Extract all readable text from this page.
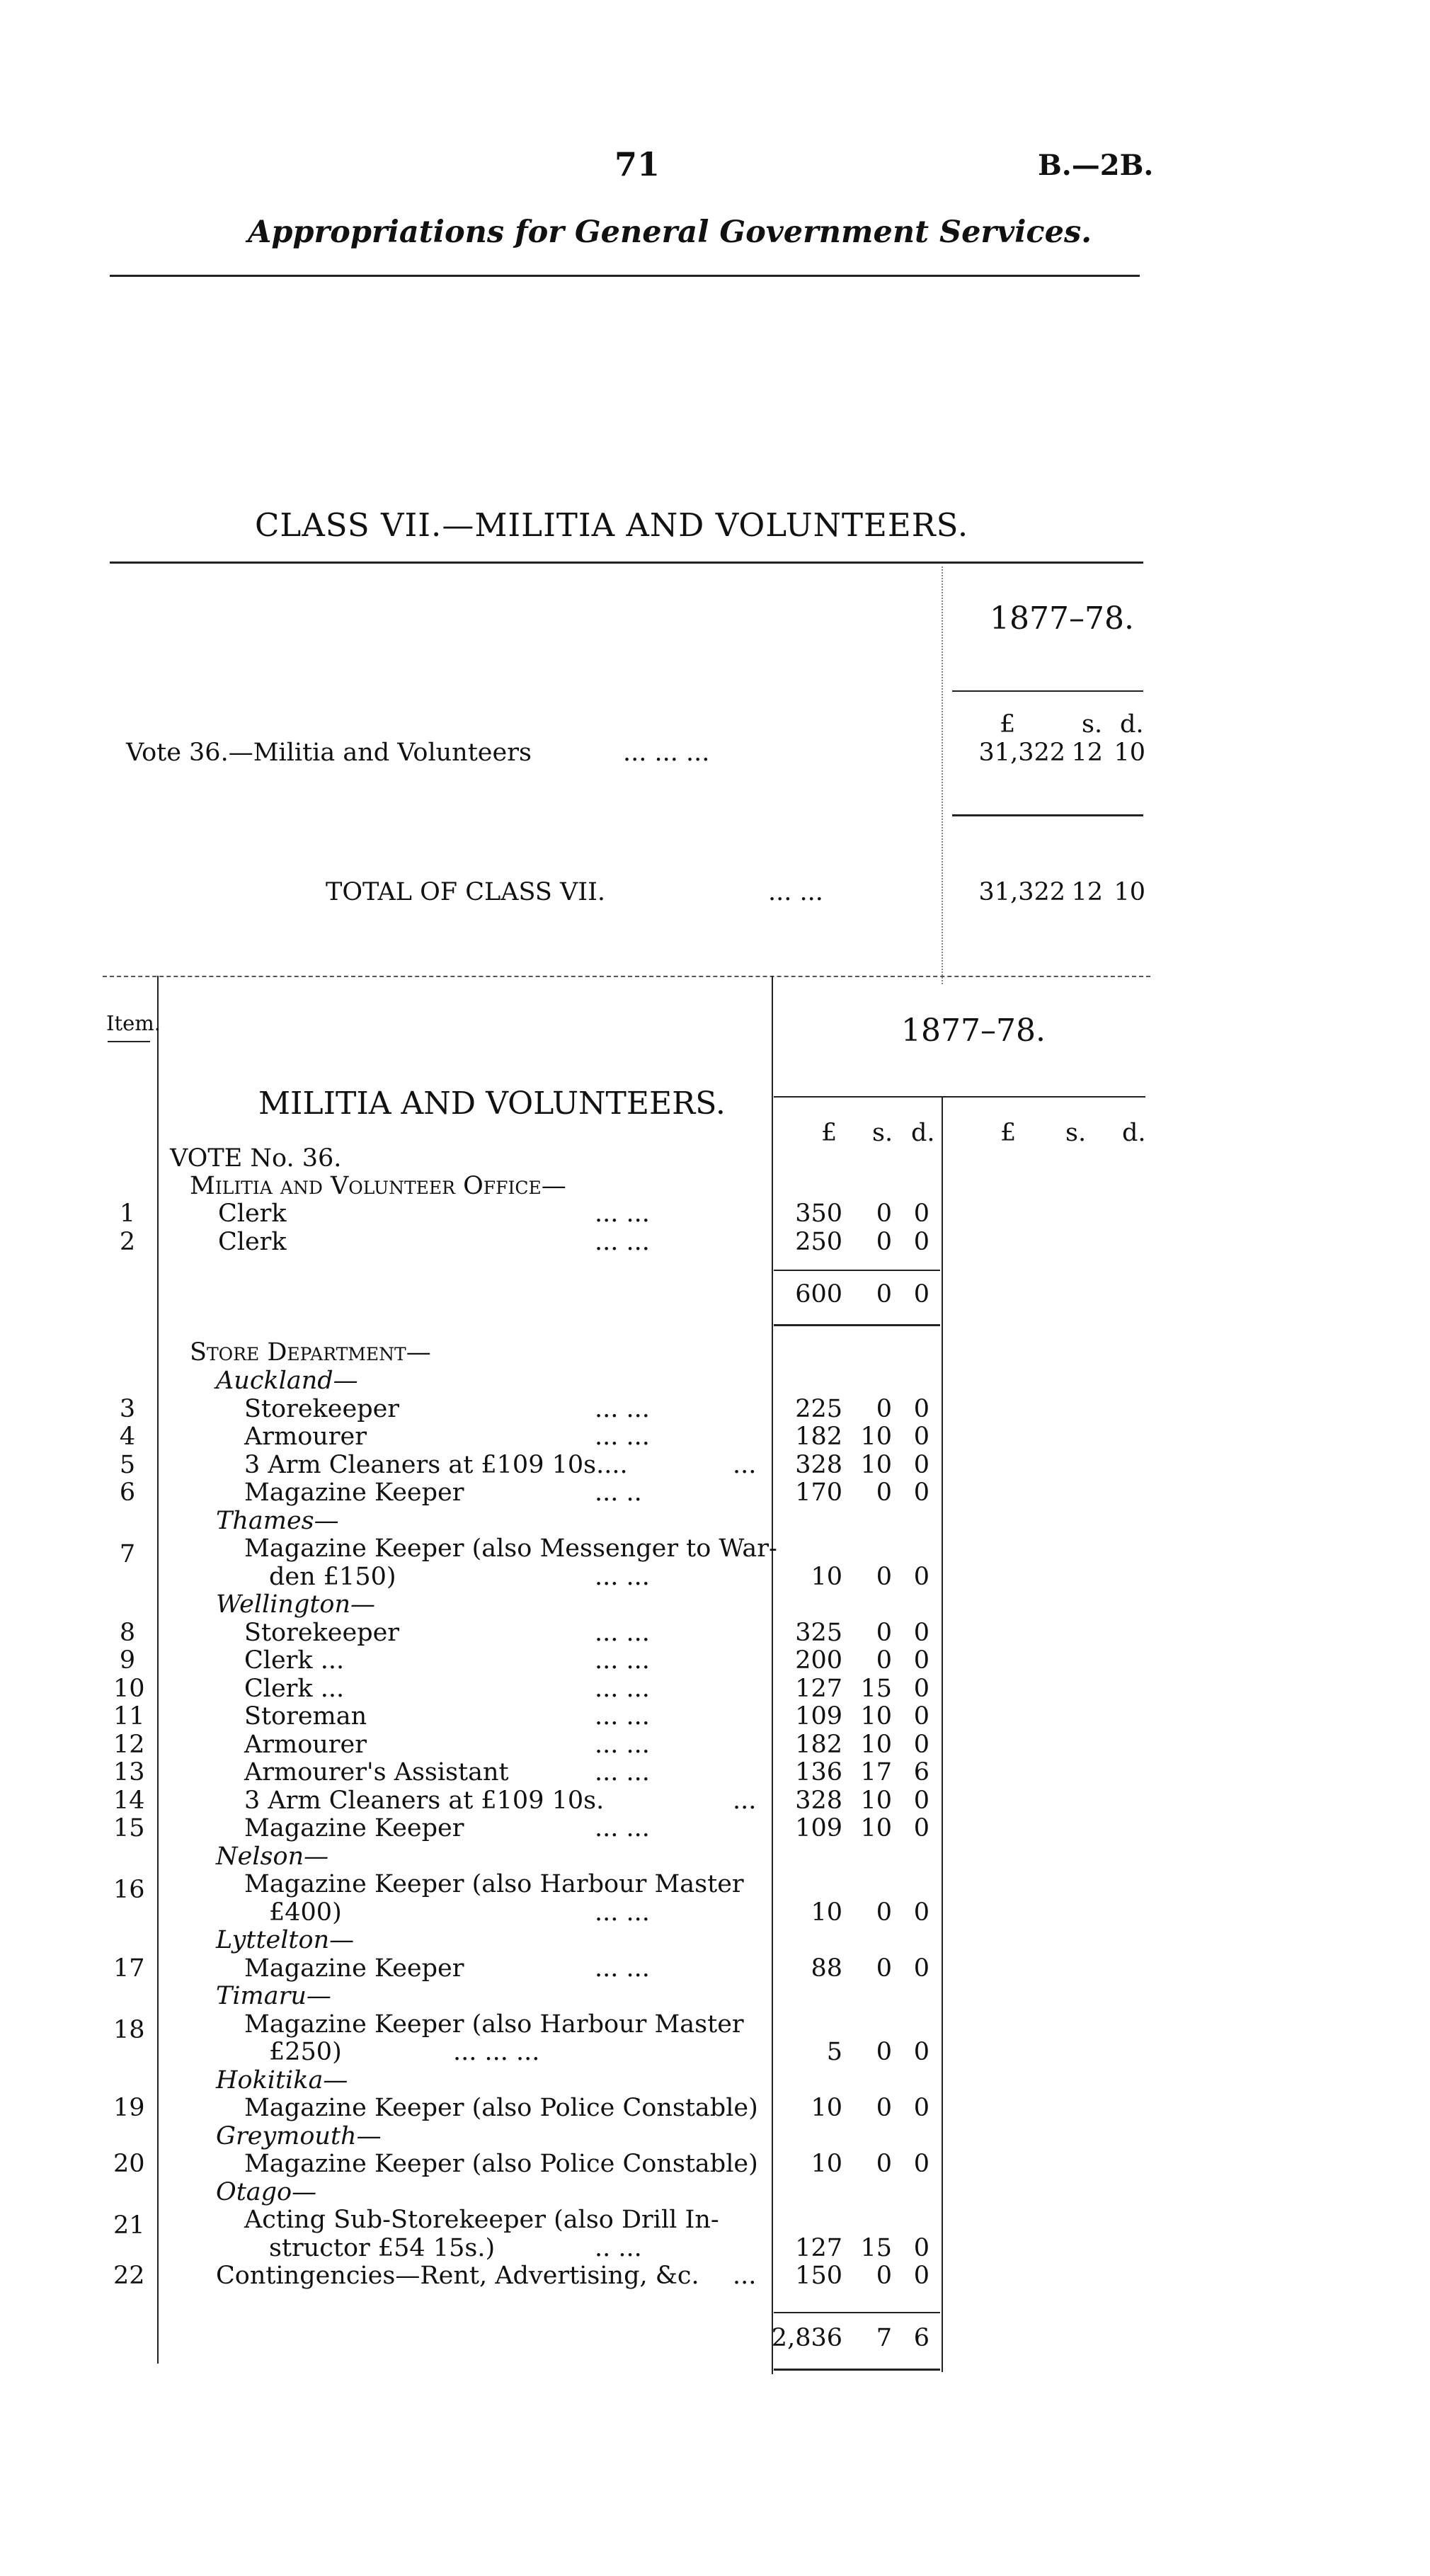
71	B.—2B.
Appropriations for General Government Services.
CLASS VII.—MILITIA AND VOLUNTEERS.
1877–78.
£	s. d.
Vote 36.—Militia and Volunteers	... ... ...	31,322 12 10
TOTAL OF CLASS VII.	... ...	31,322 12 10
Item.	1877–78.
MILITIA AND VOLUNTEERS.
£ s. d.	£ s. d.
VOTE No. 36.
Militia and Volunteer Office—
1	Clerk	... ...	350	0 0
2	Clerk	... ...	250	0 0
600	0 0
Store Department—
Auckland—
3	Storekeeper	... ...	225	0 0
4	Armourer	... ...	182 10 0
5	3 Arm Cleaners at £109 10s....	...	328 10 0
6	Magazine Keeper	... ..	170	0 0
Thames—
7	Magazine Keeper (also Messenger to War-
den £150)	... ...	10	0 0
Wellington—
8	Storekeeper	... ...	325	0 0
9	Clerk ...	... ...	200	0 0
10	Clerk ...	... ...	127 15 0
11	Storeman	... ...	109 10 0
12	Armourer	... ...	182 10 0
13	Armourer's Assistant	... ...	136 17 6
14	3 Arm Cleaners at £109 10s.	...	328 10 0
15	Magazine Keeper	... ...	109 10 0
Nelson—
16	Magazine Keeper (also Harbour Master
£400)	... ...	10	0 0
Lyttelton—
17	Magazine Keeper	... ...	88	0 0
Timaru—
18	Magazine Keeper (also Harbour Master
£250)	... ... ...	5	0 0
Hokitika—
19	Magazine Keeper (also Police Constable)	10	0 0
Greymouth—
20	Magazine Keeper (also Police Constable)	10	0 0
Otago—
21	Acting Sub-Storekeeper (also Drill In-
structor £54 15s.)	.. ...	127 15 0
22	Contingencies—Rent, Advertising, &c. ...	150	0 0
2,836	7 6
